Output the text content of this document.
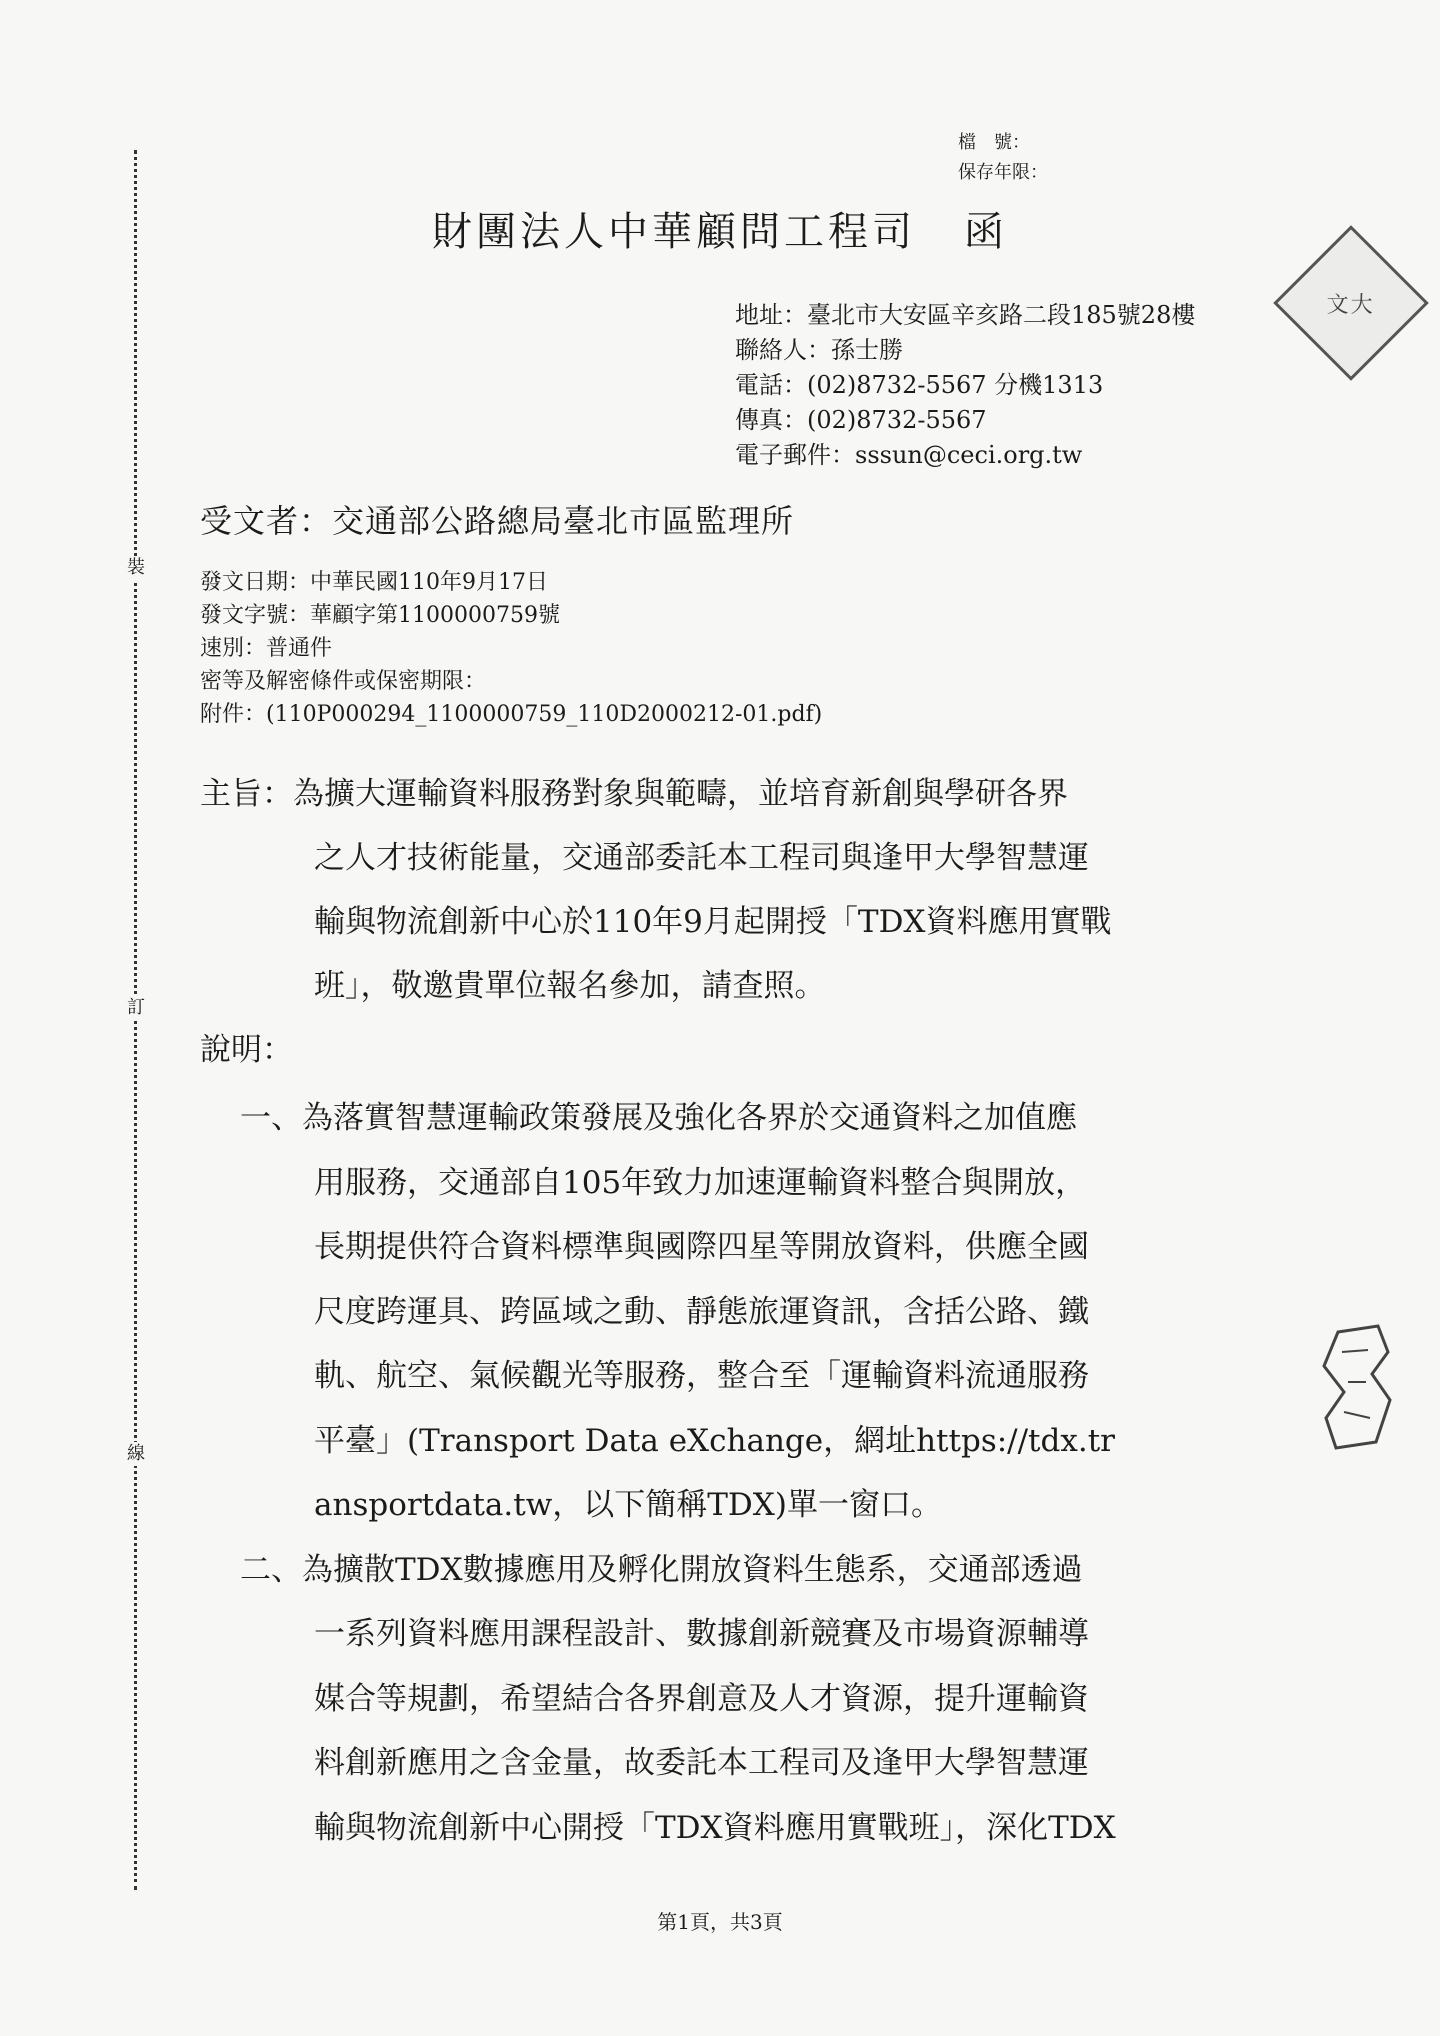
裝
訂
線
檔　號：
保存年限：
財團法人中華顧問工程司 函
地址：臺北市大安區辛亥路二段185號28樓
聯絡人：孫士勝
電話：(02)8732-5567 分機1313
傳真：(02)8732-5567
電子郵件：sssun@ceci.org.tw
受文者：交通部公路總局臺北市區監理所
發文日期：中華民國110年9月17日
發文字號：華顧字第1100000759號
速別：普通件
密等及解密條件或保密期限：
附件：(110P000294_1100000759_110D2000212-01.pdf)
主旨：為擴大運輸資料服務對象與範疇，並培育新創與學研各界
之人才技術能量，交通部委託本工程司與逢甲大學智慧運
輸與物流創新中心於110年9月起開授「TDX資料應用實戰
班」，敬邀貴單位報名參加，請查照。
說明：
一、為落實智慧運輸政策發展及強化各界於交通資料之加值應
用服務，交通部自105年致力加速運輸資料整合與開放，
長期提供符合資料標準與國際四星等開放資料，供應全國
尺度跨運具、跨區域之動、靜態旅運資訊，含括公路、鐵
軌、航空、氣候觀光等服務，整合至「運輸資料流通服務
平臺」(Transport Data eXchange，網址https://tdx.tr
ansportdata.tw，以下簡稱TDX)單一窗口。
二、為擴散TDX數據應用及孵化開放資料生態系，交通部透過
一系列資料應用課程設計、數據創新競賽及市場資源輔導
媒合等規劃，希望結合各界創意及人才資源，提升運輸資
料創新應用之含金量，故委託本工程司及逢甲大學智慧運
輸與物流創新中心開授「TDX資料應用實戰班」，深化TDX
第1頁，共3頁
文大
